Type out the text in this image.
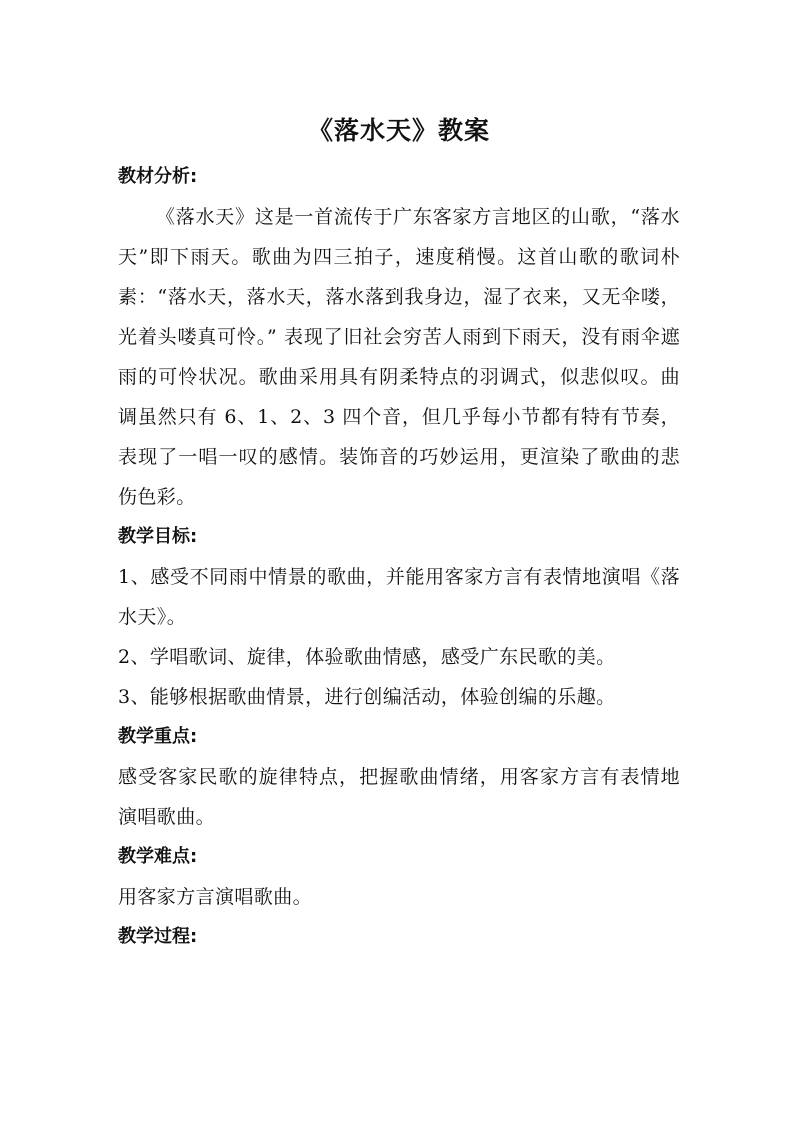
《落水天》教案
教材分析:

《落水天》这是一首流传于广东客家方言地区的山歌，“落水天”即下雨天。歌曲为四三拍子，速度稍慢。这首山歌的歌词朴素：“落水天，落水天，落水落到我身边，湿了衣来，又无伞喽，光着头喽真可怜。” 表现了旧社会穷苦人雨到下雨天，没有雨伞遮雨的可怜状况。歌曲采用具有阴柔特点的羽调式，似悲似叹。曲调虽然只有 6、1、2、3 四个音，但几乎每小节都有特有节奏，表现了一唱一叹的感情。装饰音的巧妙运用，更渲染了歌曲的悲伤色彩。

教学目标:

1、感受不同雨中情景的歌曲，并能用客家方言有表情地演唱《落水天》。

2、学唱歌词、旋律，体验歌曲情感，感受广东民歌的美。

3、能够根据歌曲情景，进行创编活动，体验创编的乐趣。

教学重点:

感受客家民歌的旋律特点，把握歌曲情绪，用客家方言有表情地演唱歌曲。

教学难点:

用客家方言演唱歌曲。

教学过程:
